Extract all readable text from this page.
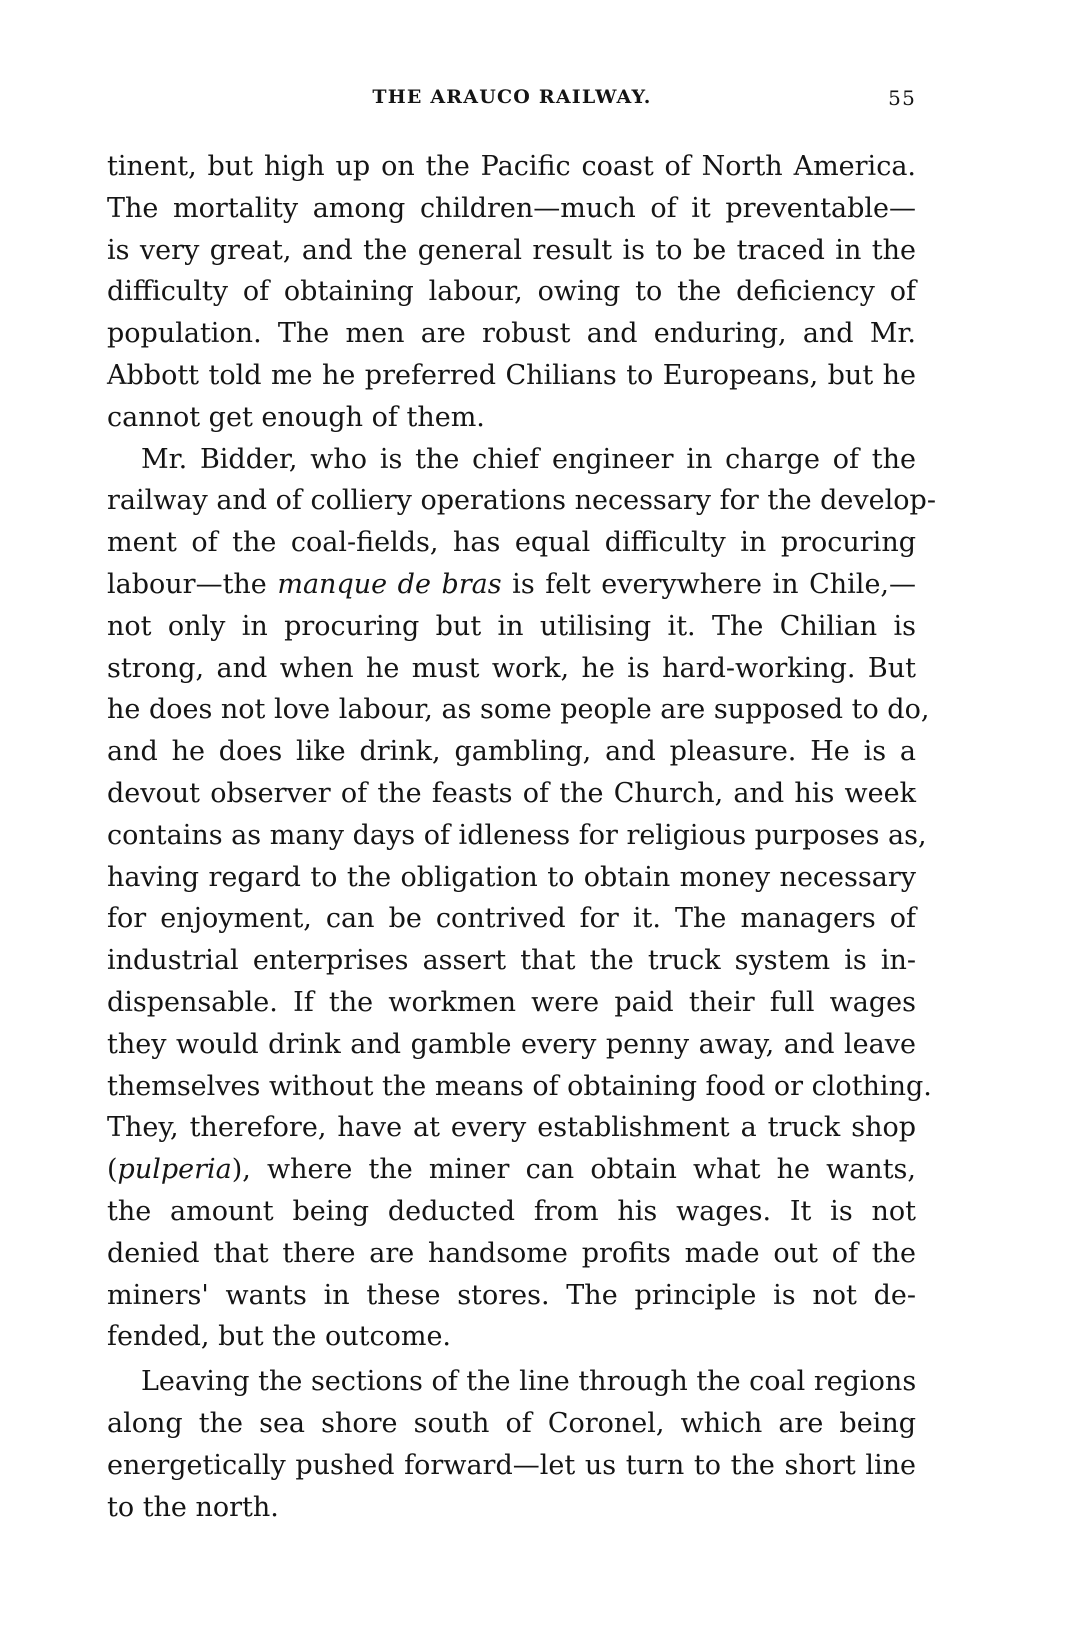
THE ARAUCO RAILWAY.	55
tinent, but high up on the Pacific coast of North America.
The mortality among children—much of it preventable—
is very great, and the general result is to be traced in the
difficulty of obtaining labour, owing to the deficiency of
population. The men are robust and enduring, and Mr.
Abbott told me he preferred Chilians to Europeans, but he
cannot get enough of them.
Mr. Bidder, who is the chief engineer in charge of the
railway and of colliery operations necessary for the develop-
ment of the coal-fields, has equal difficulty in procuring
labour—the manque de bras is felt everywhere in Chile,—
not only in procuring but in utilising it. The Chilian is
strong, and when he must work, he is hard-working. But
he does not love labour, as some people are supposed to do,
and he does like drink, gambling, and pleasure. He is a
devout observer of the feasts of the Church, and his week
contains as many days of idleness for religious purposes as,
having regard to the obligation to obtain money necessary
for enjoyment, can be contrived for it. The managers of
industrial enterprises assert that the truck system is in-
dispensable. If the workmen were paid their full wages
they would drink and gamble every penny away, and leave
themselves without the means of obtaining food or clothing.
They, therefore, have at every establishment a truck shop
(pulperia), where the miner can obtain what he wants,
the amount being deducted from his wages. It is not
denied that there are handsome profits made out of the
miners' wants in these stores. The principle is not de-
fended, but the outcome.
Leaving the sections of the line through the coal regions
along the sea shore south of Coronel, which are being
energetically pushed forward—let us turn to the short line
to the north.
